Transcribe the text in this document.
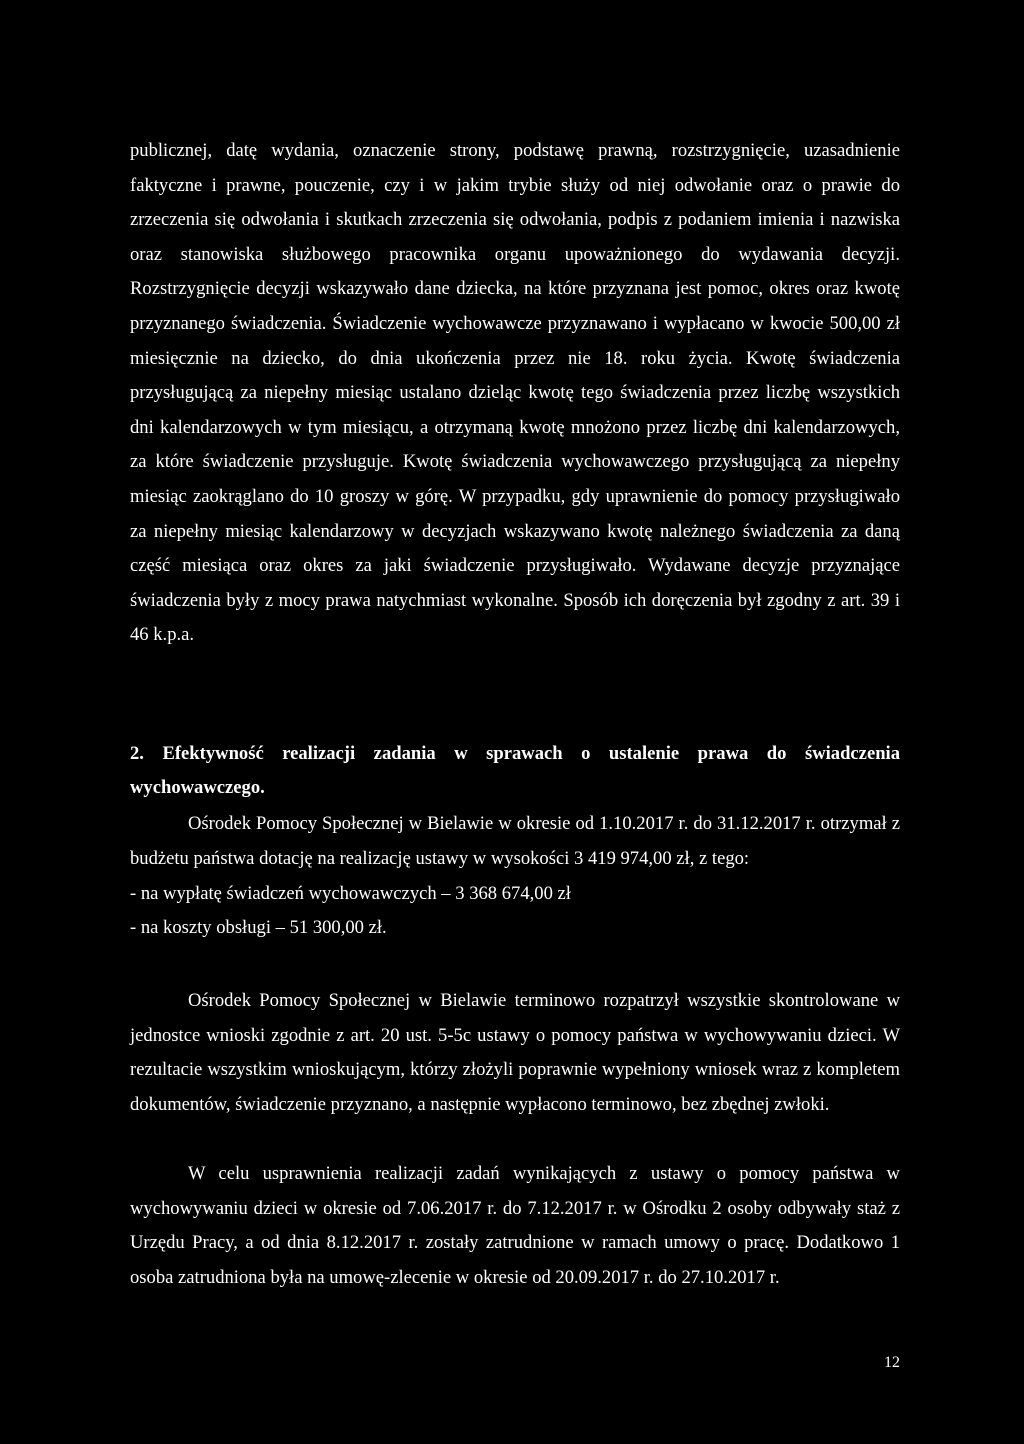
publicznej, datę wydania, oznaczenie strony, podstawę prawną, rozstrzygnięcie, uzasadnienie faktyczne i prawne, pouczenie, czy i w jakim trybie służy od niej odwołanie oraz o prawie do zrzeczenia się odwołania i skutkach zrzeczenia się odwołania, podpis z podaniem imienia i nazwiska oraz stanowiska służbowego pracownika organu upoważnionego do wydawania decyzji. Rozstrzygnięcie decyzji wskazywało dane dziecka, na które przyznana jest pomoc, okres oraz kwotę przyznanego świadczenia. Świadczenie wychowawcze przyznawano i wypłacano w kwocie 500,00 zł miesięcznie na dziecko, do dnia ukończenia przez nie 18. roku życia. Kwotę świadczenia przysługującą za niepełny miesiąc ustalano dzieląc kwotę tego świadczenia przez liczbę wszystkich dni kalendarzowych w tym miesiącu, a otrzymaną kwotę mnożono przez liczbę dni kalendarzowych, za które świadczenie przysługuje. Kwotę świadczenia wychowawczego przysługującą za niepełny miesiąc zaokrąglano do 10 groszy w górę. W przypadku, gdy uprawnienie do pomocy przysługiwało za niepełny miesiąc kalendarzowy w decyzjach wskazywano kwotę należnego świadczenia za daną część miesiąca oraz okres za jaki świadczenie przysługiwało. Wydawane decyzje przyznające świadczenia były z mocy prawa natychmiast wykonalne. Sposób ich doręczenia był zgodny z art. 39 i 46 k.p.a.
2. Efektywność realizacji zadania w sprawach o ustalenie prawa do świadczenia wychowawczego.
Ośrodek Pomocy Społecznej w Bielawie w okresie od 1.10.2017 r. do 31.12.2017 r. otrzymał z budżetu państwa dotację na realizację ustawy w wysokości 3 419 974,00 zł, z tego:
- na wypłatę świadczeń wychowawczych – 3 368 674,00 zł
- na koszty obsługi – 51 300,00 zł.
Ośrodek Pomocy Społecznej w Bielawie terminowo rozpatrzył wszystkie skontrolowane w jednostce wnioski zgodnie z art. 20 ust. 5-5c ustawy o pomocy państwa w wychowywaniu dzieci. W rezultacie wszystkim wnioskującym, którzy złożyli poprawnie wypełniony wniosek wraz z kompletem dokumentów, świadczenie przyznano, a następnie wypłacono terminowo, bez zbędnej zwłoki.
W celu usprawnienia realizacji zadań wynikających z ustawy o pomocy państwa w wychowywaniu dzieci w okresie od 7.06.2017 r. do 7.12.2017 r. w Ośrodku 2 osoby odbywały staż z Urzędu Pracy, a od dnia 8.12.2017 r. zostały zatrudnione w ramach umowy o pracę. Dodatkowo 1 osoba zatrudniona była na umowę-zlecenie w okresie od 20.09.2017 r. do 27.10.2017 r.
12
